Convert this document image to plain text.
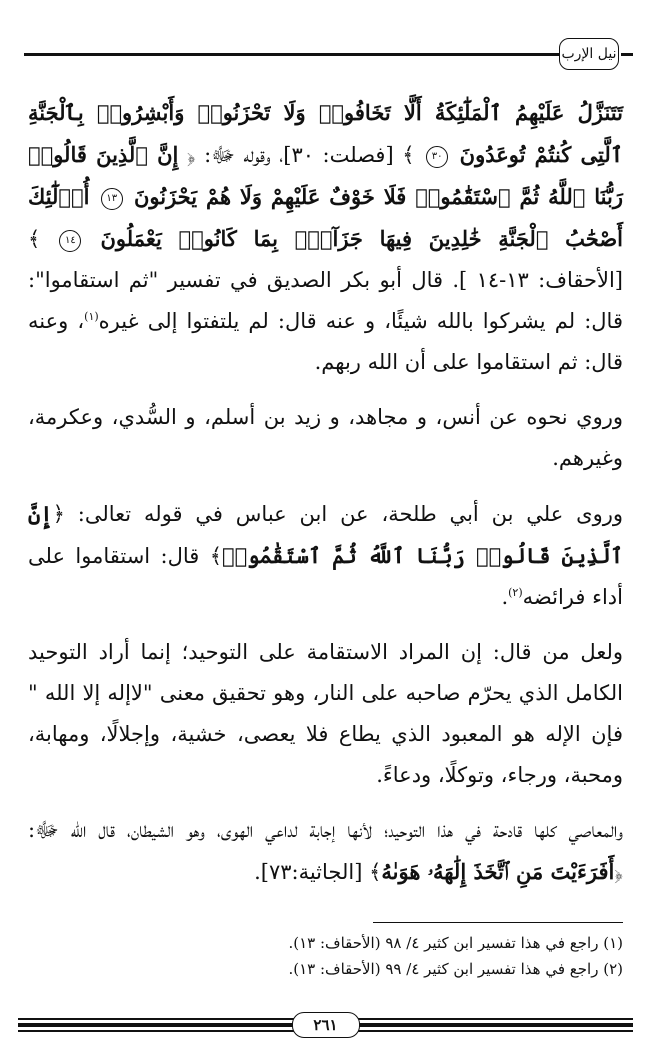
نيل الإرب

تَتَنَزَّلُ عَلَيْهِمُ ٱلْمَلَٰٓئِكَةُ أَلَّا تَخَافُوا۟ وَلَا تَحْزَنُوا۟ وَأَبْشِرُوا۟ بِٱلْجَنَّةِ ٱلَّتِى كُنتُمْ تُوعَدُونَ ٣٠ ﴾ [فصلت: ٣٠]، وقوله ﷻ: ﴿ إِنَّ ٱلَّذِينَ قَالُوا۟ رَبُّنَا ٱللَّهُ ثُمَّ ٱسْتَقَٰمُوا۟ فَلَا خَوْفٌ عَلَيْهِمْ وَلَا هُمْ يَحْزَنُونَ ١٣ أُو۟لَٰٓئِكَ أَصْحَٰبُ ٱلْجَنَّةِ خَٰلِدِينَ فِيهَا جَزَآءًۢ بِمَا كَانُوا۟ يَعْمَلُونَ ١٤ ﴾ [الأحقاف: ١٣-١٤ ]. قال أبو بكر الصديق في تفسير "ثم استقاموا": قال: لم يشركوا بالله شيئًا، و عنه قال: لم يلتفتوا إلى غيره$^{(١)}$، وعنه قال: ثم استقاموا على أن الله ربهم.

وروي نحوه عن أنس، و مجاهد، و زيد بن أسلم، و السُّدي، وعكرمة، وغيرهم.

وروى علي بن أبي طلحة، عن ابن عباس في قوله تعالى: ﴿إِنَّ ٱلَّذِينَ قَالُوا۟ رَبُّنَا ٱللَّهُ ثُمَّ ٱسْتَقَٰمُوا۟﴾ قال: استقاموا على أداء فرائضه$^{(٢)}$.

ولعل من قال: إن المراد الاستقامة على التوحيد؛ إنما أراد التوحيد الكامل الذي يحرّم صاحبه على النار، وهو تحقيق معنى "لاإله إلا الله " فإن الإله هو المعبود الذي يطاع فلا يعصى، خشية، وإجلالًا، ومهابة، ومحبة، ورجاء، وتوكلًا، ودعاءً.

والمعاصي كلها قادحة في هذا التوحيد؛ لأنها إجابة لداعي الهوى، وهو الشيطان، قال الله ﷻ: ﴿أَفَرَءَيْتَ مَنِ ٱتَّخَذَ إِلَٰهَهُۥ هَوَىٰهُ﴾ [الجاثية:٧٣].

(١) راجع في هذا تفسير ابن كثير ٤/ ٩٨ (الأحقاف: ١٣).
(٢) راجع في هذا تفسير ابن كثير ٤/ ٩٩ (الأحقاف: ١٣).
٢٦١
